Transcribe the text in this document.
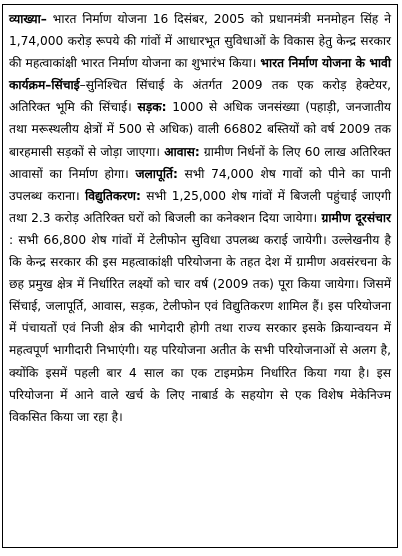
व्याख्या– भारत निर्माण योजना 16 दिसंबर, 2005 को प्रधानमंत्री मनमोहन सिंह ने 1,74,000 करोड़ रूपये की गांवों में आधारभूत सुविधाओं के विकास हेतु केन्द्र सरकार की महत्वाकांक्षी भारत निर्माण योजना का शुभारंभ किया। भारत निर्माण योजना के भावी कार्यक्रम–सिंचाई–सुनिश्चित सिंचाई के अंतर्गत 2009 तक एक करोड़ हेक्टेयर, अतिरिक्त भूमि की सिंचाई। सड़क: 1000 से अधिक जनसंख्या (पहाड़ी, जनजातीय तथा मरूस्थलीय क्षेत्रों में 500 से अधिक) वाली 66802 बस्तियों को वर्ष 2009 तक बारहमासी सड़कों से जोड़ा जाएगा। आवास: ग्रामीण निर्धनों के लिए 60 लाख अतिरिक्त आवासों का निर्माण होगा। जलापूर्ति: सभी 74,000 शेष गावों को पीने का पानी उपलब्ध कराना। विद्युतिकरण: सभी 1,25,000 शेष गांवों में बिजली पहुंचाई जाएगी तथा 2.3 करोड़ अतिरिक्त घरों को बिजली का कनेक्शन दिया जायेगा। ग्रामीण दूरसंचार : सभी 66,800 शेष गांवों में टेलीफोन सुविधा उपलब्ध कराई जायेगी। उल्लेखनीय है कि केन्द्र सरकार की इस महत्वाकांक्षी परियोजना के तहत देश में ग्रामीण अवसंरचना के छह प्रमुख क्षेत्र में निर्धारित लक्ष्यों को चार वर्ष (2009 तक) पूरा किया जायेगा। जिसमें सिंचाई, जलापूर्ति, आवास, सड़क, टेलीफोन एवं विद्युतिकरण शामिल हैं। इस परियोजना में पंचायतों एवं निजी क्षेत्र की भागेदारी होगी तथा राज्य सरकार इसके क्रियान्वयन में महत्वपूर्ण भागीदारी निभाएंगी। यह परियोजना अतीत के सभी परियोजनाओं से अलग है, क्योंकि इसमें पहली बार 4 साल का एक टाइमफ्रेम निर्धारित किया गया है। इस परियोजना में आने वाले खर्च के लिए नाबार्ड के सहयोग से एक विशेष मेकेनिज्म विकसित किया जा रहा है।
